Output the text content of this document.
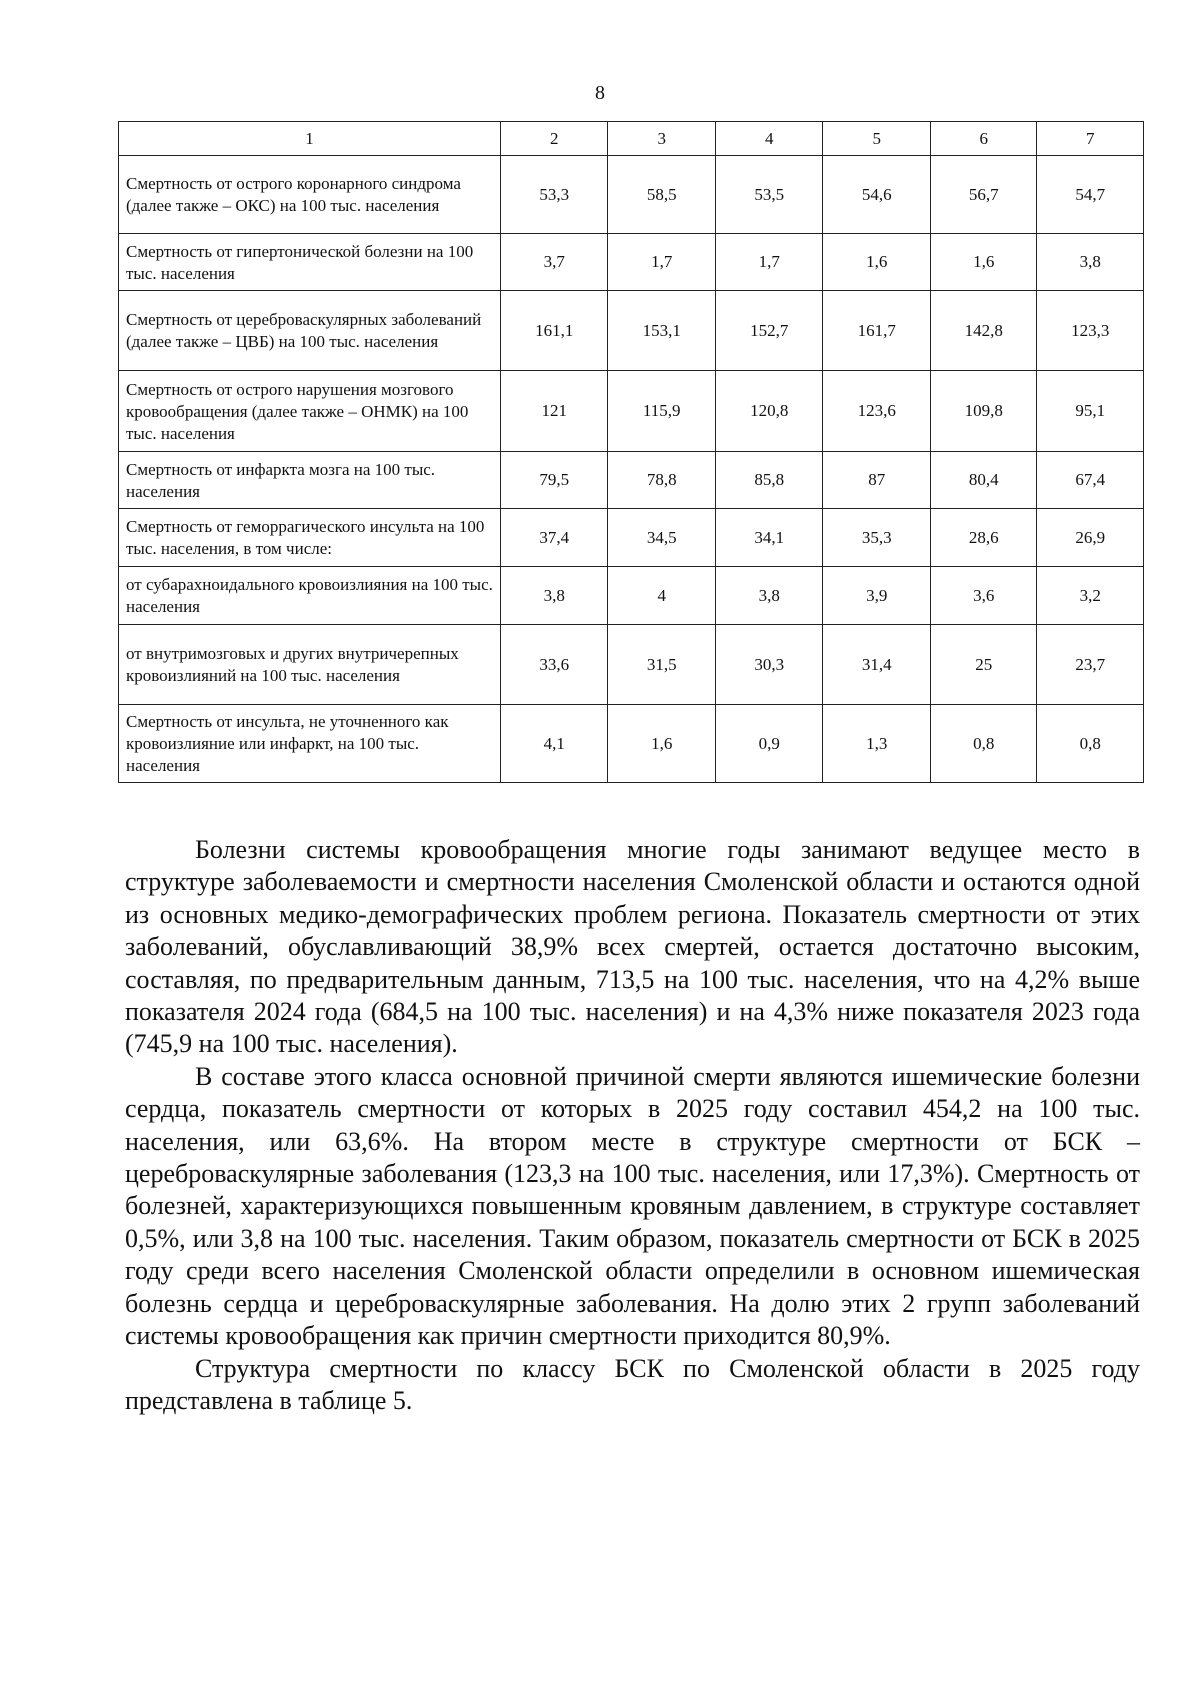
8
1	2	3	4	5	6	7
Смертность от острого коронарного синдрома (далее также – ОКС) на 100 тыс. населения	53,3	58,5	53,5	54,6	56,7	54,7
Смертность от гипертонической болезни на 100 тыс. населения	3,7	1,7	1,7	1,6	1,6	3,8
Смертность от цереброваскулярных заболеваний (далее также – ЦВБ) на 100 тыс. населения	161,1	153,1	152,7	161,7	142,8	123,3
Смертность от острого нарушения мозгового кровообращения (далее также – ОНМК) на 100 тыс. населения	121	115,9	120,8	123,6	109,8	95,1
Смертность от инфаркта мозга на 100 тыс. населения	79,5	78,8	85,8	87	80,4	67,4
Смертность от геморрагического инсульта на 100 тыс. населения, в том числе:	37,4	34,5	34,1	35,3	28,6	26,9
от субарахноидального кровоизлияния на 100 тыс. населения	3,8	4	3,8	3,9	3,6	3,2
от внутримозговых и других внутричерепных кровоизлияний на 100 тыс. населения	33,6	31,5	30,3	31,4	25	23,7
Смертность от инсульта, не уточненного как кровоизлияние или инфаркт, на 100 тыс. населения	4,1	1,6	0,9	1,3	0,8	0,8

Болезни системы кровообращения многие годы занимают ведущее место в структуре заболеваемости и смертности населения Смоленской области и остаются одной из основных медико-демографических проблем региона. Показатель смертности от этих заболеваний, обуславливающий 38,9% всех смертей, остается достаточно высоким, составляя, по предварительным данным, 713,5 на 100 тыс. населения, что на 4,2% выше показателя 2024 года (684,5 на 100 тыс. населения) и на 4,3% ниже показателя 2023 года (745,9 на 100 тыс. населения).

В составе этого класса основной причиной смерти являются ишемические болезни сердца, показатель смертности от которых в 2025 году составил 454,2 на 100 тыс. населения, или 63,6%. На втором месте в структуре смертности от БСК – цереброваскулярные заболевания (123,3 на 100 тыс. населения, или 17,3%). Смертность от болезней, характеризующихся повышенным кровяным давлением, в структуре составляет 0,5%, или 3,8 на 100 тыс. населения. Таким образом, показатель смертности от БСК в 2025 году среди всего населения Смоленской области определили в основном ишемическая болезнь сердца и цереброваскулярные заболевания. На долю этих 2 групп заболеваний системы кровообращения как причин смертности приходится 80,9%.

Структура смертности по классу БСК по Смоленской области в 2025 году представлена в таблице 5.
